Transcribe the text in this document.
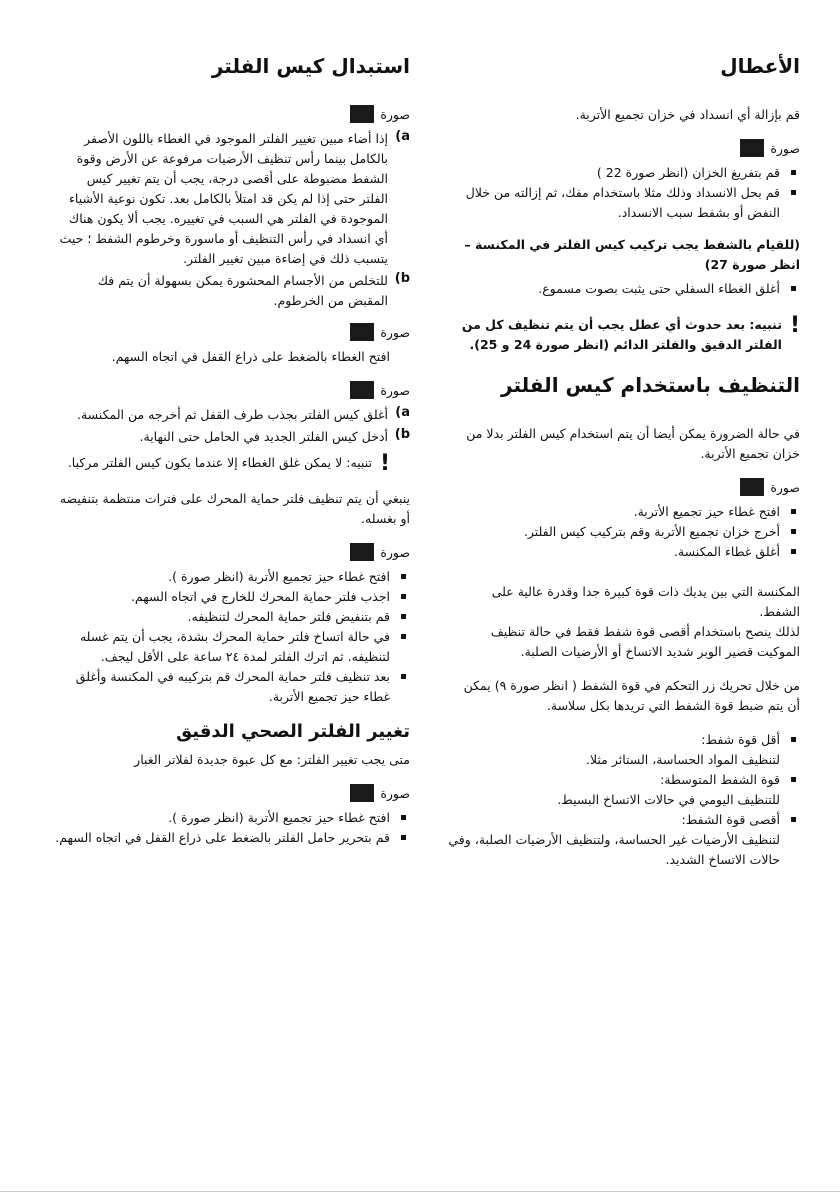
الأعطال

قم بإزالة أي انسداد في خزان تجميع الأتربة.

صورة
قم بتفريغ الخزان (انظر صورة 22 )
قم بحل الانسداد وذلك مثلا باستخدام مفك، ثم إزالته من خلال النفض أو بشفط سبب الانسداد.

(للقيام بالشفط يجب تركيب كيس الفلتر في المكنسة – انظر صورة 27)

أغلق الغطاء السفلي حتى يثبت بصوت مسموع.
!

تنبيه: بعد حدوث أي عطل يجب أن يتم تنظيف كل من الفلتر الدقيق والفلتر الدائم (انظر صورة 24 و 25).

التنظيف باستخدام كيس الفلتر

في حالة الضرورة يمكن أيضا أن يتم استخدام كيس الفلتر بدلا من خزان تجميع الأتربة.

صورة
افتح غطاء حيز تجميع الأتربة.
أخرج خزان تجميع الأتربة وقم بتركيب كيس الفلتر.
أغلق غطاء المكنسة.

المكنسة التي بين يديك ذات قوة كبيرة جدا وقدرة عالية على الشفط.

لذلك ينصح باستخدام أقصى قوة شفط فقط في حالة تنظيف الموكيت قصير الوبر شديد الاتساخ أو الأرضيات الصلبة.

من خلال تحريك زر التحكم في قوة الشفط ( انظر صورة ٩) يمكن أن يتم ضبط قوة الشفط التي تريدها بكل سلاسة.

أقل قوة شفط:
لتنظيف المواد الحساسة، الستائر مثلا.
قوة الشفط المتوسطة:
للتنظيف اليومي في حالات الاتساخ البسيط.
أقصى قوة الشفط:
لتنظيف الأرضيات غير الحساسة، ولتنظيف الأرضيات الصلبة، وفي حالات الاتساخ الشديد.
استبدال كيس الفلتر
صورة
a)

إذا أضاء مبين تغيير الفلتر الموجود في الغطاء باللون الأصفر بالكامل بينما رأس تنظيف الأرضيات مرفوعة عن الأرض وقوة الشفط مضبوطة على أقصى درجة، يجب أن يتم تغيير كيس الفلتر حتى إذا لم يكن قد امتلأ بالكامل بعد. تكون نوعية الأشياء الموجودة في الفلتر هي السبب في تغييره. يجب ألا يكون هناك أي انسداد في رأس التنظيف أو ماسورة وخرطوم الشفط ؛ حيث يتسبب ذلك في إضاءة مبين تغيير الفلتر.

b)

للتخلص من الأجسام المحشورة يمكن بسهولة أن يتم فك المقبض من الخرطوم.

صورة

افتح الغطاء بالضغط على ذراع القفل في اتجاه السهم.

صورة
a)

أغلق كيس الفلتر بجذب طرف القفل ثم أخرجه من المكنسة.

b)

أدخل كيس الفلتر الجديد في الحامل حتى النهاية.

!

تنبيه: لا يمكن غلق الغطاء إلا عندما يكون كيس الفلتر مركبا.

ينبغي أن يتم تنظيف فلتر حماية المحرك على فترات منتظمة بتنفيضه أو بغسله.

صورة
افتح غطاء حيز تجميع الأتربة (انظر صورة ).
اجذب فلتر حماية المحرك للخارج في اتجاه السهم.
قم بتنفيض فلتر حماية المحرك لتنظيفه.
في حالة اتساخ فلتر حماية المحرك بشدة، يجب أن يتم غسله لتنظيفه. ثم اترك الفلتر لمدة ٢٤ ساعة على الأقل ليجف.
بعد تنظيف فلتر حماية المحرك قم بتركيبه في المكنسة وأغلق غطاء حيز تجميع الأتربة.
تغيير الفلتر الصحي الدقيق

متى يجب تغيير الفلتر: مع كل عبوة جديدة لفلاتر الغبار

صورة
افتح غطاء حيز تجميع الأتربة (انظر صورة ).
قم بتحرير حامل الفلتر بالضغط على ذراع القفل في اتجاه السهم.
